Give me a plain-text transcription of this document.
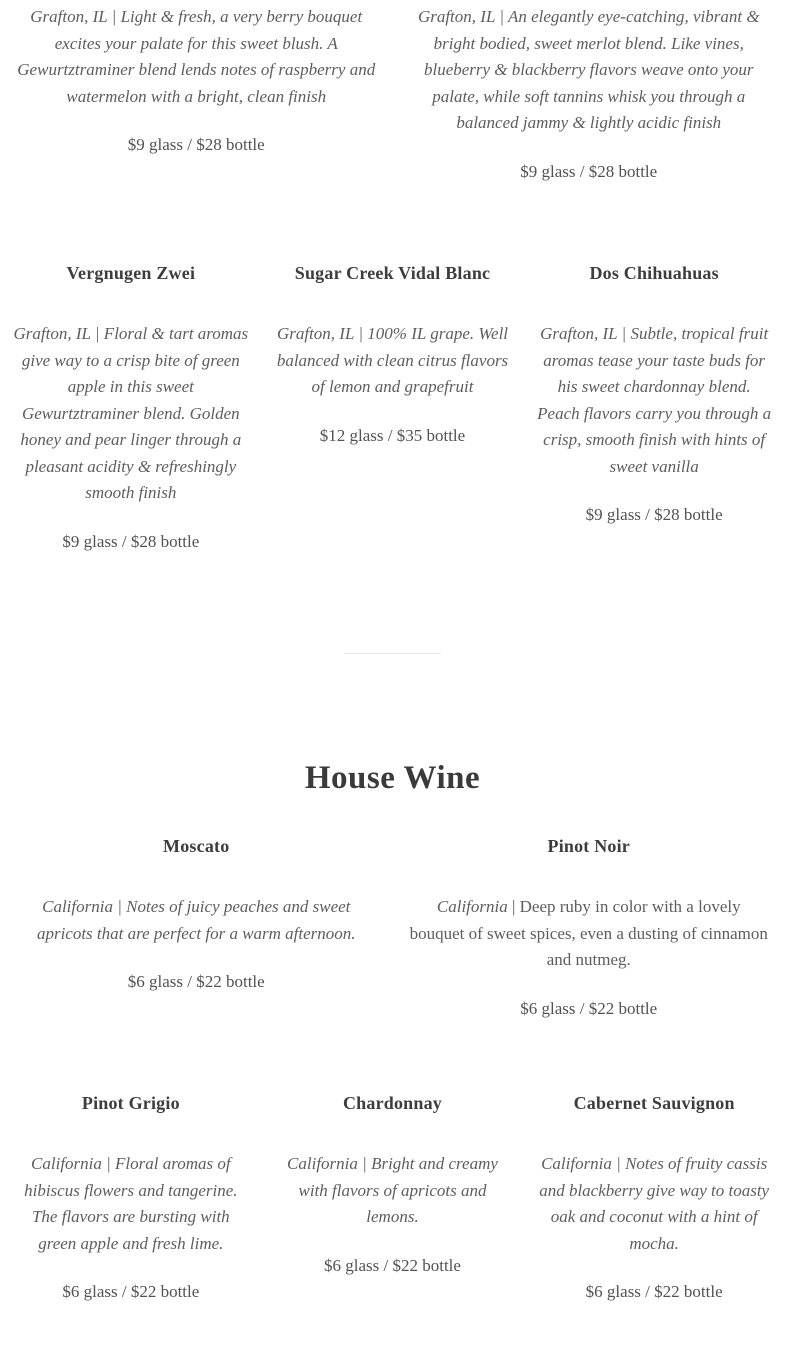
Grafton, IL | Light & fresh, a very berry bouquet excites your palate for this sweet blush. A Gewurtztraminer blend lends notes of raspberry and watermelon with a bright, clean finish

$9 glass / $28 bottle

Grafton, IL | An elegantly eye-catching, vibrant & bright bodied, sweet merlot blend. Like vines, blueberry & blackberry flavors weave onto your palate, while soft tannins whisk you through a balanced jammy & lightly acidic finish

$9 glass / $28 bottle

Vergnugen Zwei

Grafton, IL | Floral & tart aromas give way to a crisp bite of green apple in this sweet Gewurtztraminer blend. Golden honey and pear linger through a pleasant acidity & refreshingly smooth finish

$9 glass / $28 bottle

Sugar Creek Vidal Blanc

Grafton, IL | 100% IL grape. Well balanced with clean citrus flavors of lemon and grapefruit

$12 glass / $35 bottle

Dos Chihuahuas

Grafton, IL | Subtle, tropical fruit aromas tease your taste buds for his sweet chardonnay blend. Peach flavors carry you through a crisp, smooth finish with hints of sweet vanilla

$9 glass / $28 bottle

House Wine
Moscato

California | Notes of juicy peaches and sweet apricots that are perfect for a warm afternoon.

$6 glass / $22 bottle

Pinot Noir

California | Deep ruby in color with a lovely bouquet of sweet spices, even a dusting of cinnamon and nutmeg.

$6 glass / $22 bottle

Pinot Grigio

California | Floral aromas of hibiscus flowers and tangerine. The flavors are bursting with green apple and fresh lime.

$6 glass / $22 bottle

Chardonnay

California | Bright and creamy with flavors of apricots and lemons.

$6 glass / $22 bottle

Cabernet Sauvignon

California | Notes of fruity cassis and blackberry give way to toasty oak and coconut with a hint of mocha.

$6 glass / $22 bottle
